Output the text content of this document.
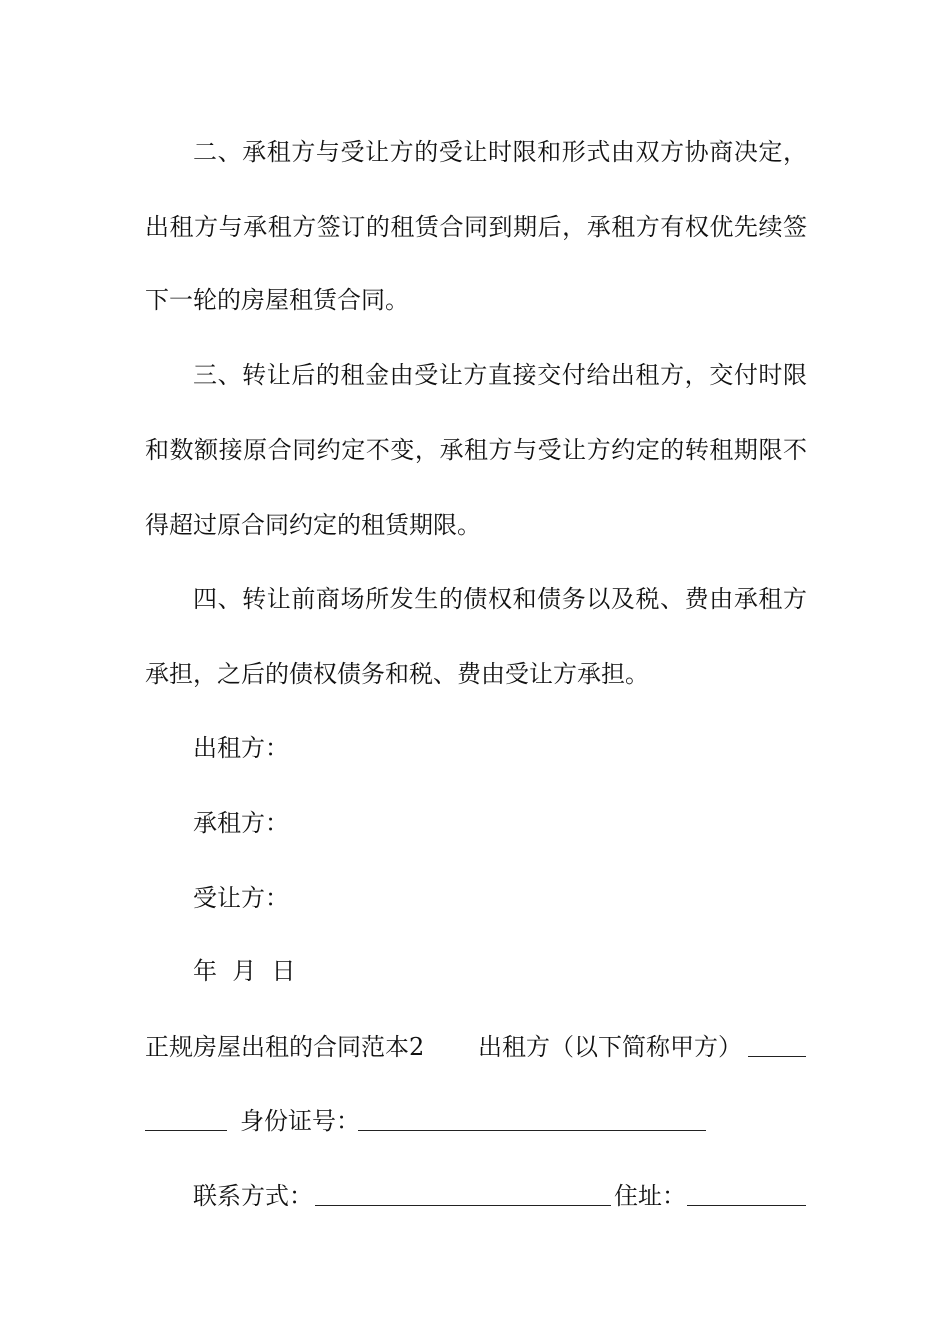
二、承租方与受让方的受让时限和形式由双方协商决定，
出租方与承租方签订的租赁合同到期后，承租方有权优先续签
下一轮的房屋租赁合同。
三、转让后的租金由受让方直接交付给出租方，交付时限
和数额接原合同约定不变，承租方与受让方约定的转租期限不
得超过原合同约定的租赁期限。
四、转让前商场所发生的债权和债务以及税、费由承租方
承担，之后的债权债务和税、费由受让方承担。
出租方：
承租方：
受让方：
年  月  日
正规房屋出租的合同范本2 出租方（以下简称甲方）
身份证号：
联系方式：	住址：
